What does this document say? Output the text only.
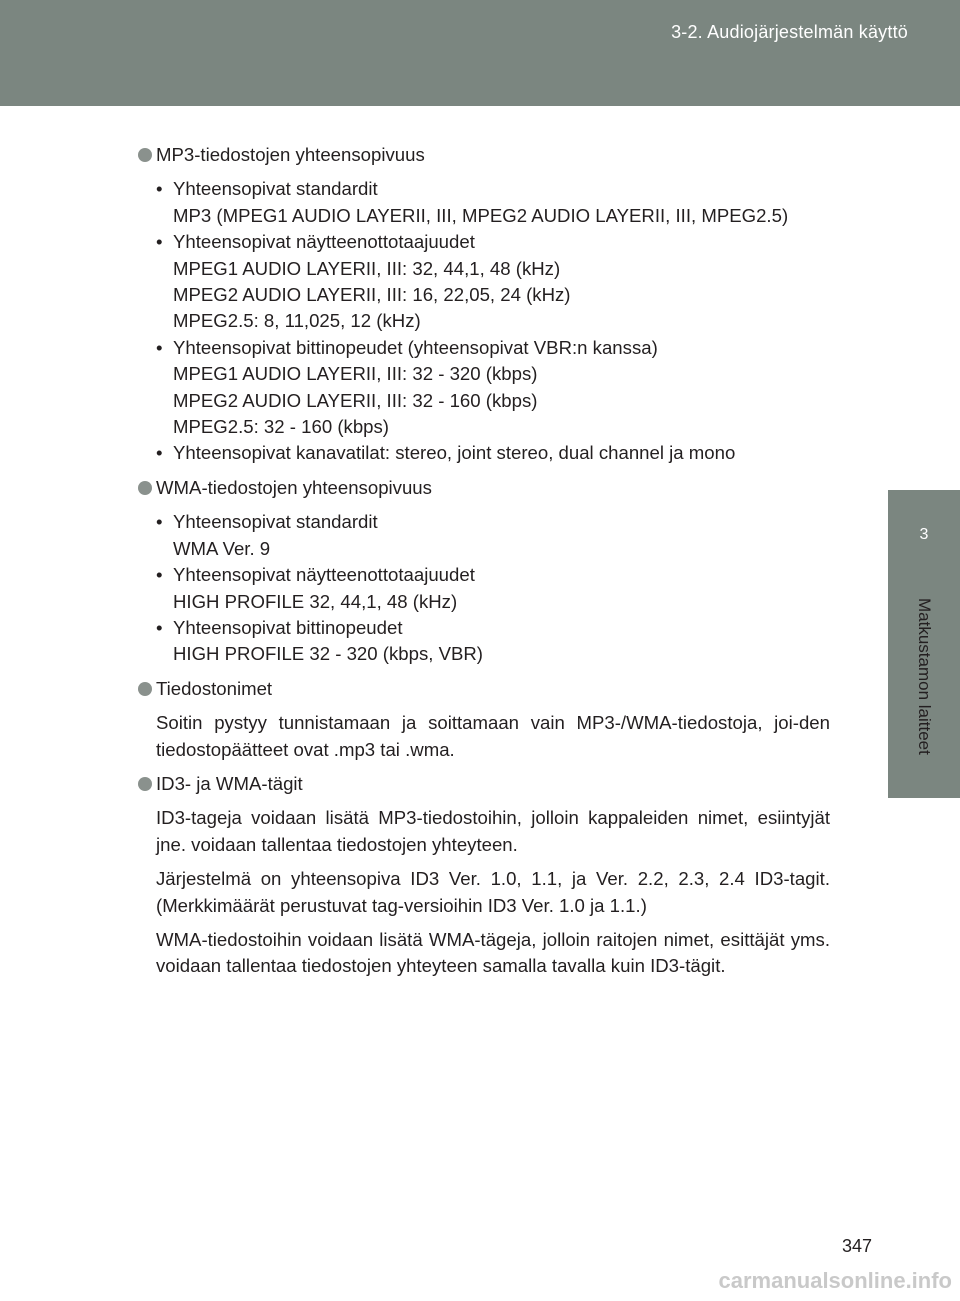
3-2. Audiojärjestelmän käyttö
3
Matkustamon laitteet
MP3-tiedostojen yhteensopivuus
• Yhteensopivat standardit
MP3 (MPEG1 AUDIO LAYERII, III, MPEG2 AUDIO LAYERII, III, MPEG2.5)
• Yhteensopivat näytteenottotaajuudet
MPEG1 AUDIO LAYERII, III: 32, 44,1, 48 (kHz)
MPEG2 AUDIO LAYERII, III: 16, 22,05, 24 (kHz)
MPEG2.5: 8, 11,025, 12 (kHz)
• Yhteensopivat bittinopeudet (yhteensopivat VBR:n kanssa)
MPEG1 AUDIO LAYERII, III: 32 - 320 (kbps)
MPEG2 AUDIO LAYERII, III: 32 - 160 (kbps)
MPEG2.5: 32 - 160 (kbps)
• Yhteensopivat kanavatilat: stereo, joint stereo, dual channel ja mono
WMA-tiedostojen yhteensopivuus
• Yhteensopivat standardit
WMA Ver. 9
• Yhteensopivat näytteenottotaajuudet
HIGH PROFILE 32, 44,1, 48 (kHz)
• Yhteensopivat bittinopeudet
HIGH PROFILE 32 - 320 (kbps, VBR)
Tiedostonimet
Soitin pystyy tunnistamaan ja soittamaan vain MP3-/WMA-tiedostoja, joi-den tiedostopäätteet ovat .mp3 tai .wma.
ID3- ja WMA-tägit
ID3-tageja voidaan lisätä MP3-tiedostoihin, jolloin kappaleiden nimet, esiintyjät jne. voidaan tallentaa tiedostojen yhteyteen.
Järjestelmä on yhteensopiva ID3 Ver. 1.0, 1.1, ja Ver. 2.2, 2.3, 2.4 ID3-tagit. (Merkkimäärät perustuvat tag-versioihin ID3 Ver. 1.0 ja 1.1.)
WMA-tiedostoihin voidaan lisätä WMA-tägeja, jolloin raitojen nimet, esittäjät yms. voidaan tallentaa tiedostojen yhteyteen samalla tavalla kuin ID3-tägit.
347
carmanualsonline.info
